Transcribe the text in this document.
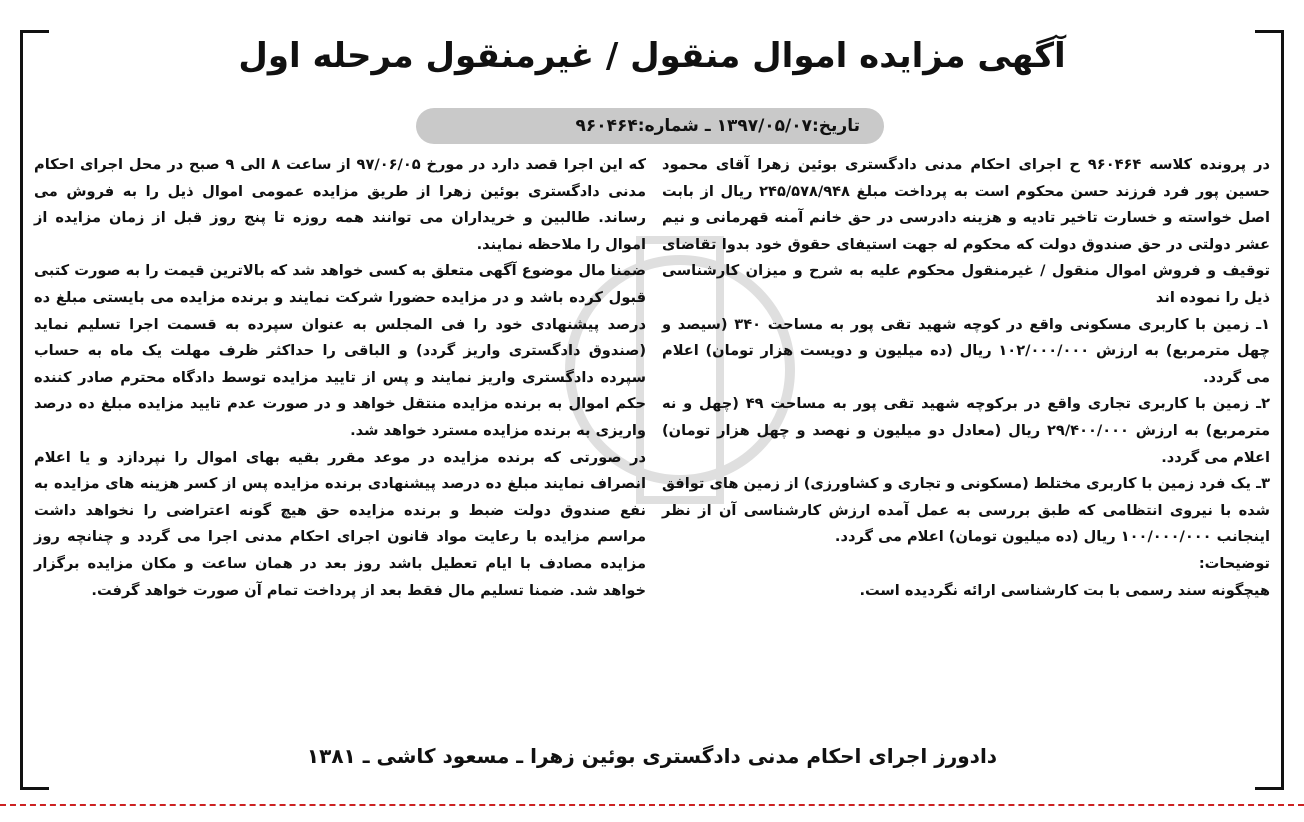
آگهی مزایده اموال منقول / غیرمنقول مرحله اول
تاریخ:۱۳۹۷/۰۵/۰۷ ـ شماره:۹۶۰۴۶۴

در پرونده کلاسه ۹۶۰۴۶۴ ح اجرای احکام مدنی دادگستری بوئین زهرا آقای محمود حسین پور فرد فرزند حسن محکوم است به پرداخت مبلغ ۲۴۵/۵۷۸/۹۴۸ ریال از بابت اصل خواسته و خسارت تاخیر تادیه و هزینه دادرسی در حق خانم آمنه قهرمانی و نیم عشر دولتی در حق صندوق دولت که محکوم له جهت استیفای حقوق خود بدوا تقاضای توقیف و فروش اموال منقول / غیرمنقول محکوم علیه به شرح و میزان کارشناسی ذیل را نموده اند

۱ـ زمین با کاربری مسکونی واقع در کوچه شهید تقی پور به مساحت ۳۴۰ (سیصد و چهل مترمربع) به ارزش ۱۰۲/۰۰۰/۰۰۰ ریال (ده میلیون و دویست هزار تومان) اعلام می گردد.

۲ـ زمین با کاربری تجاری واقع در برکوچه شهید تقی پور به مساحت ۴۹ (چهل و نه مترمربع) به ارزش ۲۹/۴۰۰/۰۰۰ ریال (معادل دو میلیون و نهصد و چهل هزار تومان) اعلام می گردد.

۳ـ یک فرد زمین با کاربری مختلط (مسکونی و تجاری و کشاورزی) از زمین های توافق شده با نیروی انتظامی که طبق بررسی به عمل آمده ارزش کارشناسی آن از نظر اینجانب ۱۰۰/۰۰۰/۰۰۰ ریال (ده میلیون تومان) اعلام می گردد.

توضیحات:

هیچگونه سند رسمی با بت کارشناسی ارائه نگردیده است.

که این اجرا قصد دارد در مورخ ۹۷/۰۶/۰۵ از ساعت ۸ الی ۹ صبح در محل اجرای احکام مدنی دادگستری بوئین زهرا از طریق مزایده عمومی اموال ذیل را به فروش می رساند. طالبین و خریداران می توانند همه روزه تا پنج روز قبل از زمان مزایده از اموال را ملاحظه نمایند.

ضمنا مال موضوع آگهی متعلق به کسی خواهد شد که بالاترین قیمت را به صورت کتبی قبول کرده باشد و در مزایده حضورا شرکت نمایند و برنده مزایده می بایستی مبلغ ده درصد پیشنهادی خود را فی المجلس به عنوان سپرده به قسمت اجرا تسلیم نماید (صندوق دادگستری واریز گردد) و الباقی را حداکثر ظرف مهلت یک ماه به حساب سپرده دادگستری واریز نمایند و پس از تایید مزایده توسط دادگاه محترم صادر کننده حکم اموال به برنده مزایده منتقل خواهد و در صورت عدم تایید مزایده مبلغ ده درصد واریزی به برنده مزایده مسترد خواهد شد.

در صورتی که برنده مزایده در موعد مقرر بقیه بهای اموال را نپردازد و یا اعلام انصراف نمایند مبلغ ده درصد پیشنهادی برنده مزایده پس از کسر هزینه های مزایده به نفع صندوق دولت ضبط و برنده مزایده حق هیچ گونه اعتراضی را نخواهد داشت مراسم مزایده با رعایت مواد قانون اجرای احکام مدنی اجرا می گردد و چنانچه روز مزایده مصادف با ایام تعطیل باشد روز بعد در همان ساعت و مکان مزایده برگزار خواهد شد. ضمنا تسلیم مال فقط بعد از پرداخت تمام آن صورت خواهد گرفت.

دادورز اجرای احکام مدنی دادگستری بوئین زهرا ـ مسعود کاشی ـ ۱۳۸۱
